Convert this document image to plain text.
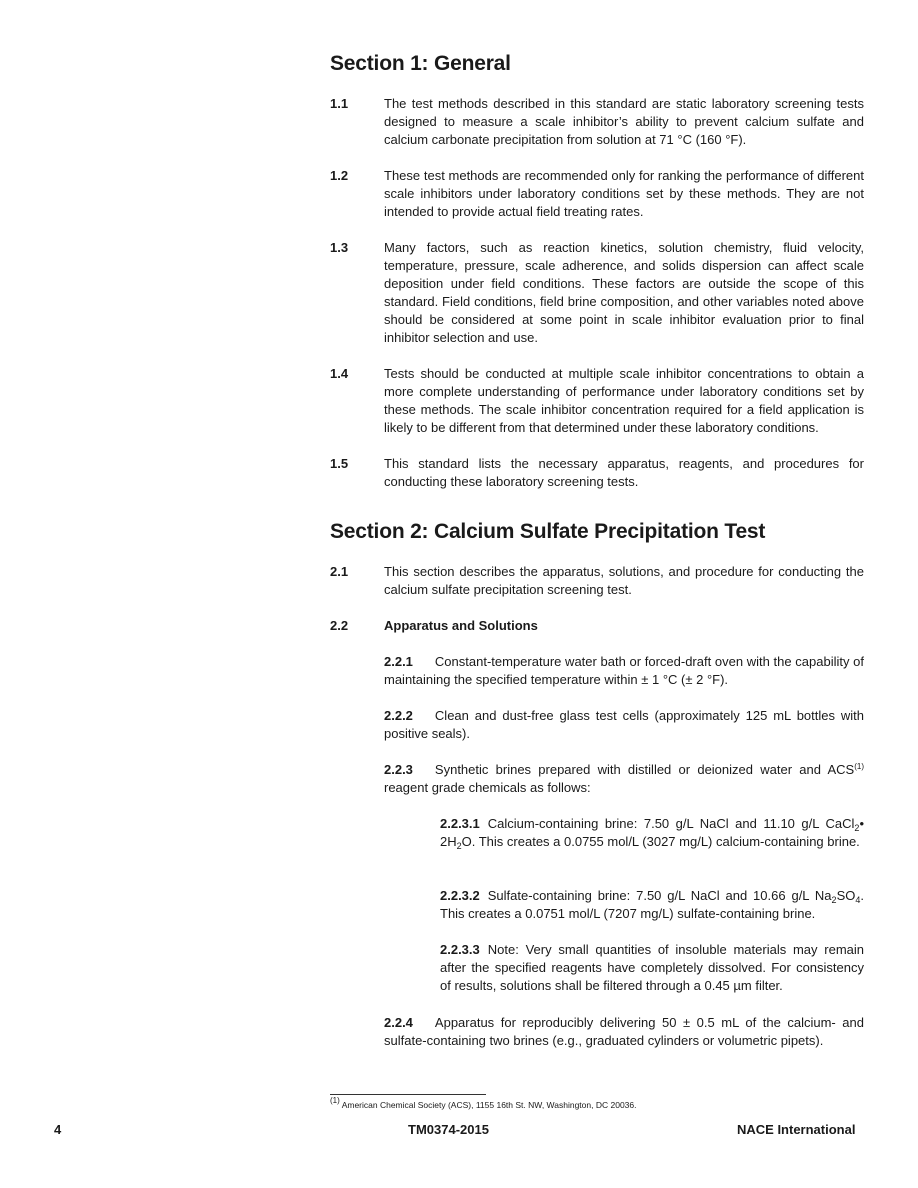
Section 1: General
1.1	The test methods described in this standard are static laboratory screening tests designed to measure a scale inhibitor’s ability to prevent calcium sulfate and calcium carbonate precipitation from solution at 71 °C (160 °F).
1.2	These test methods are recommended only for ranking the performance of different scale inhibitors under laboratory conditions set by these methods. They are not intended to provide actual field treating rates.
1.3	Many factors, such as reaction kinetics, solution chemistry, fluid velocity, temperature, pressure, scale adherence, and solids dispersion can affect scale deposition under field conditions. These factors are outside the scope of this standard. Field conditions, field brine composition, and other variables noted above should be considered at some point in scale inhibitor evaluation prior to final inhibitor selection and use.
1.4	Tests should be conducted at multiple scale inhibitor concentrations to obtain a more complete understanding of performance under laboratory conditions set by these methods. The scale inhibitor concentration required for a field application is likely to be different from that determined under these laboratory conditions.
1.5	This standard lists the necessary apparatus, reagents, and procedures for conducting these laboratory screening tests.
Section 2: Calcium Sulfate Precipitation Test
2.1	This section describes the apparatus, solutions, and procedure for conducting the calcium sulfate precipitation screening test.
2.2	Apparatus and Solutions
2.2.1 Constant-temperature water bath or forced-draft oven with the capability of maintaining the specified temperature within ± 1 °C (± 2 °F).
2.2.2 Clean and dust-free glass test cells (approximately 125 mL bottles with positive seals).
2.2.3 Synthetic brines prepared with distilled or deionized water and ACS$^{(1)}$ reagent grade chemicals as follows:
2.2.3.1 Calcium-containing brine: 7.50 g/L NaCl and 11.10 g/L CaCl$_2$• $2H_2O$. This creates a 0.0755 mol/L (3027 mg/L) calcium-containing brine.
2.2.3.2 Sulfate-containing brine: 7.50 g/L NaCl and 10.66 g/L $Na_2SO_4$. This creates a 0.0751 mol/L (7207 mg/L) sulfate-containing brine.
2.2.3.3 Note: Very small quantities of insoluble materials may remain after the specified reagents have completely dissolved. For consistency of results, solutions shall be filtered through a 0.45 µm filter.
2.2.4 Apparatus for reproducibly delivering 50 ± 0.5 mL of the calcium- and sulfate-containing two brines (e.g., graduated cylinders or volumetric pipets).
$^{(1)}$ American Chemical Society (ACS), 1155 16th St. NW, Washington, DC 20036.
4	TM0374-2015	NACE International
